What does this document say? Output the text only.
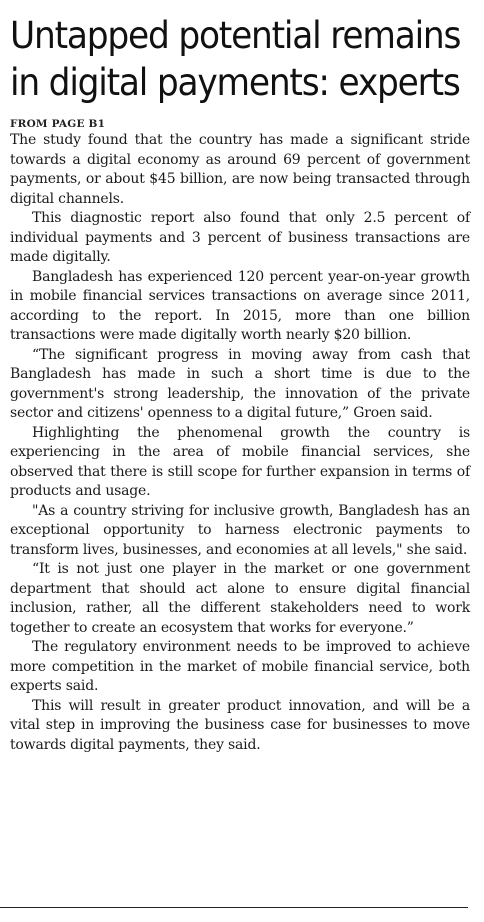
Untapped potential remains
in digital payments: experts
FROM PAGE B1

The study found that the country has made a significant stride towards a digital economy as around 69 percent of government payments, or about $45 billion, are now being transacted through digital channels.

This diagnostic report also found that only 2.5 percent of individual payments and 3 percent of business transactions are made digitally.

Bangladesh has experienced 120 percent year-on-year growth in mobile financial services transactions on average since 2011, according to the report. In 2015, more than one billion transactions were made digitally worth nearly $20 billion.

“The significant progress in moving away from cash that Bangladesh has made in such a short time is due to the government's strong leadership, the innovation of the private sector and citizens' openness to a digital future,” Groen said.

Highlighting the phenomenal growth the country is experiencing in the area of mobile financial services, she observed that there is still scope for further expansion in terms of products and usage.

"As a country striving for inclusive growth, Bangladesh has an exceptional opportunity to harness electronic payments to transform lives, businesses, and economies at all levels," she said.

“It is not just one player in the market or one government department that should act alone to ensure digital financial inclusion, rather, all the different stakeholders need to work together to create an ecosystem that works for everyone.”

The regulatory environment needs to be improved to achieve more competition in the market of mobile financial service, both experts said.

This will result in greater product innovation, and will be a vital step in improving the business case for businesses to move towards digital payments, they said.
